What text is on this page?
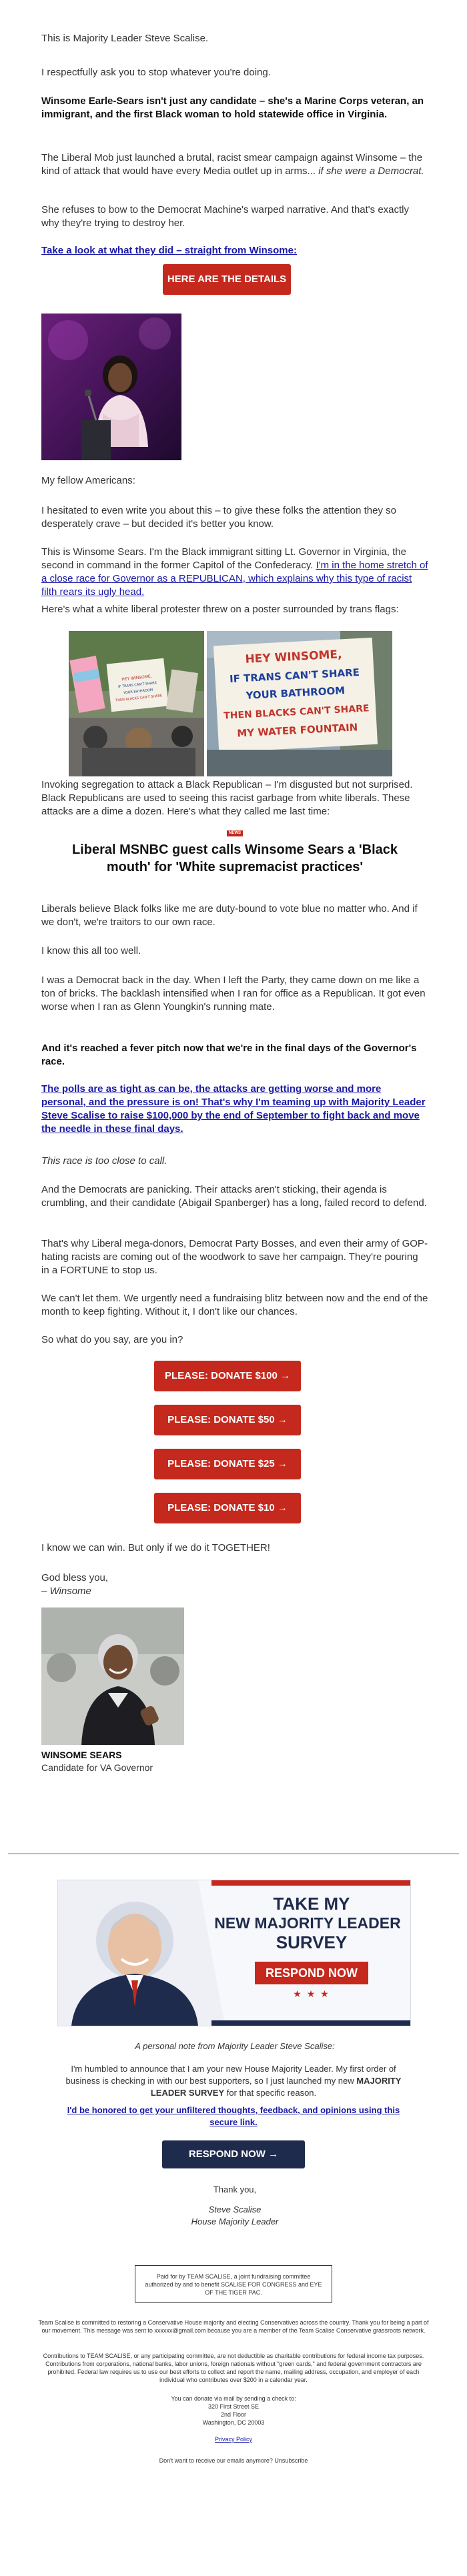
This is Majority Leader Steve Scalise.

I respectfully ask you to stop whatever you're doing.

Winsome Earle-Sears isn't just any candidate – she's a Marine Corps veteran, an immigrant, and the first Black woman to hold statewide office in Virginia.

The Liberal Mob just launched a brutal, racist smear campaign against Winsome – the kind of attack that would have every Media outlet up in arms... if she were a Democrat.

She refuses to bow to the Democrat Machine's warped narrative. And that's exactly why they're trying to destroy her.

Take a look at what they did – straight from Winsome:
HERE ARE THE DETAILS

My fellow Americans:

I hesitated to even write you about this – to give these folks the attention they so desperately crave – but decided it's better you know.

This is Winsome Sears. I'm the Black immigrant sitting Lt. Governor in Virginia, the second in command in the former Capitol of the Confederacy. I'm in the home stretch of a close race for Governor as a REPUBLICAN, which explains why this type of racist filth rears its ugly head.

Here's what a white liberal protester threw on a poster surrounded by trans flags:

HEY WINSOME,
IF TRANS CAN'T SHARE
YOUR BATHROOM
THEN BLACKS CAN'T SHARE
HEY WINSOME,
IF TRANS CAN'T SHARE
YOUR BATHROOM
THEN BLACKS CAN'T SHARE
MY WATER FOUNTAIN

Invoking segregation to attack a Black Republican – I'm disgusted but not surprised. Black Republicans are used to seeing this racist garbage from white liberals. These attacks are a dime a dozen. Here's what they called me last time:

NEWS
Liberal MSNBC guest calls Winsome Sears a 'Black mouth' for 'White supremacist practices'

Liberals believe Black folks like me are duty-bound to vote blue no matter who. And if we don't, we're traitors to our own race.

I know this all too well.

I was a Democrat back in the day. When I left the Party, they came down on me like a ton of bricks. The backlash intensified when I ran for office as a Republican. It got even worse when I ran as Glenn Youngkin's running mate.

And it's reached a fever pitch now that we're in the final days of the Governor's race.

The polls are as tight as can be, the attacks are getting worse and more personal, and the pressure is on! That's why I'm teaming up with Majority Leader Steve Scalise to raise $100,000 by the end of September to fight back and move the needle in these final days.

This race is too close to call.

And the Democrats are panicking. Their attacks aren't sticking, their agenda is crumbling, and their candidate (Abigail Spanberger) has a long, failed record to defend.

That's why Liberal mega-donors, Democrat Party Bosses, and even their army of GOP-hating racists are coming out of the woodwork to save her campaign. They're pouring in a FORTUNE to stop us.

We can't let them. We urgently need a fundraising blitz between now and the end of the month to keep fighting. Without it, I don't like our chances.

So what do you say, are you in?

PLEASE: DONATE $100 →
PLEASE: DONATE $50 →
PLEASE: DONATE $25 →
PLEASE: DONATE $10 →

I know we can win. But only if we do it TOGETHER!

God bless you,

– Winsome

WINSOME SEARS

Candidate for VA Governor

TAKE MY
NEW MAJORITY LEADER
SURVEY
RESPOND NOW
★ ★ ★

A personal note from Majority Leader Steve Scalise:

I'm humbled to announce that I am your new House Majority Leader. My first order of business is checking in with our best supporters, so I just launched my new MAJORITY LEADER SURVEY for that specific reason.

I'd be honored to get your unfiltered thoughts, feedback, and opinions using this secure link.
RESPOND NOW →

Thank you,

Steve Scalise

House Majority Leader

Paid for by TEAM SCALISE, a joint fundraising committee authorized by and to benefit SCALISE FOR CONGRESS and EYE OF THE TIGER PAC.
Team Scalise is committed to restoring a Conservative House majority and electing Conservatives across the country. Thank you for being a part of our movement. This message was sent to xxxxxx@gmail.com because you are a member of the Team Scalise Conservative grassroots network.
Contributions to TEAM SCALISE, or any participating committee, are not deductible as charitable contributions for federal income tax purposes. Contributions from corporations, national banks, labor unions, foreign nationals without "green cards," and federal government contractors are prohibited. Federal law requires us to use our best efforts to collect and report the name, mailing address, occupation, and employer of each individual who contributes over $200 in a calendar year.
You can donate via mail by sending a check to:
320 First Street SE
2nd Floor
Washington, DC 20003
Privacy Policy
Don't want to receive our emails anymore? Unsubscribe
